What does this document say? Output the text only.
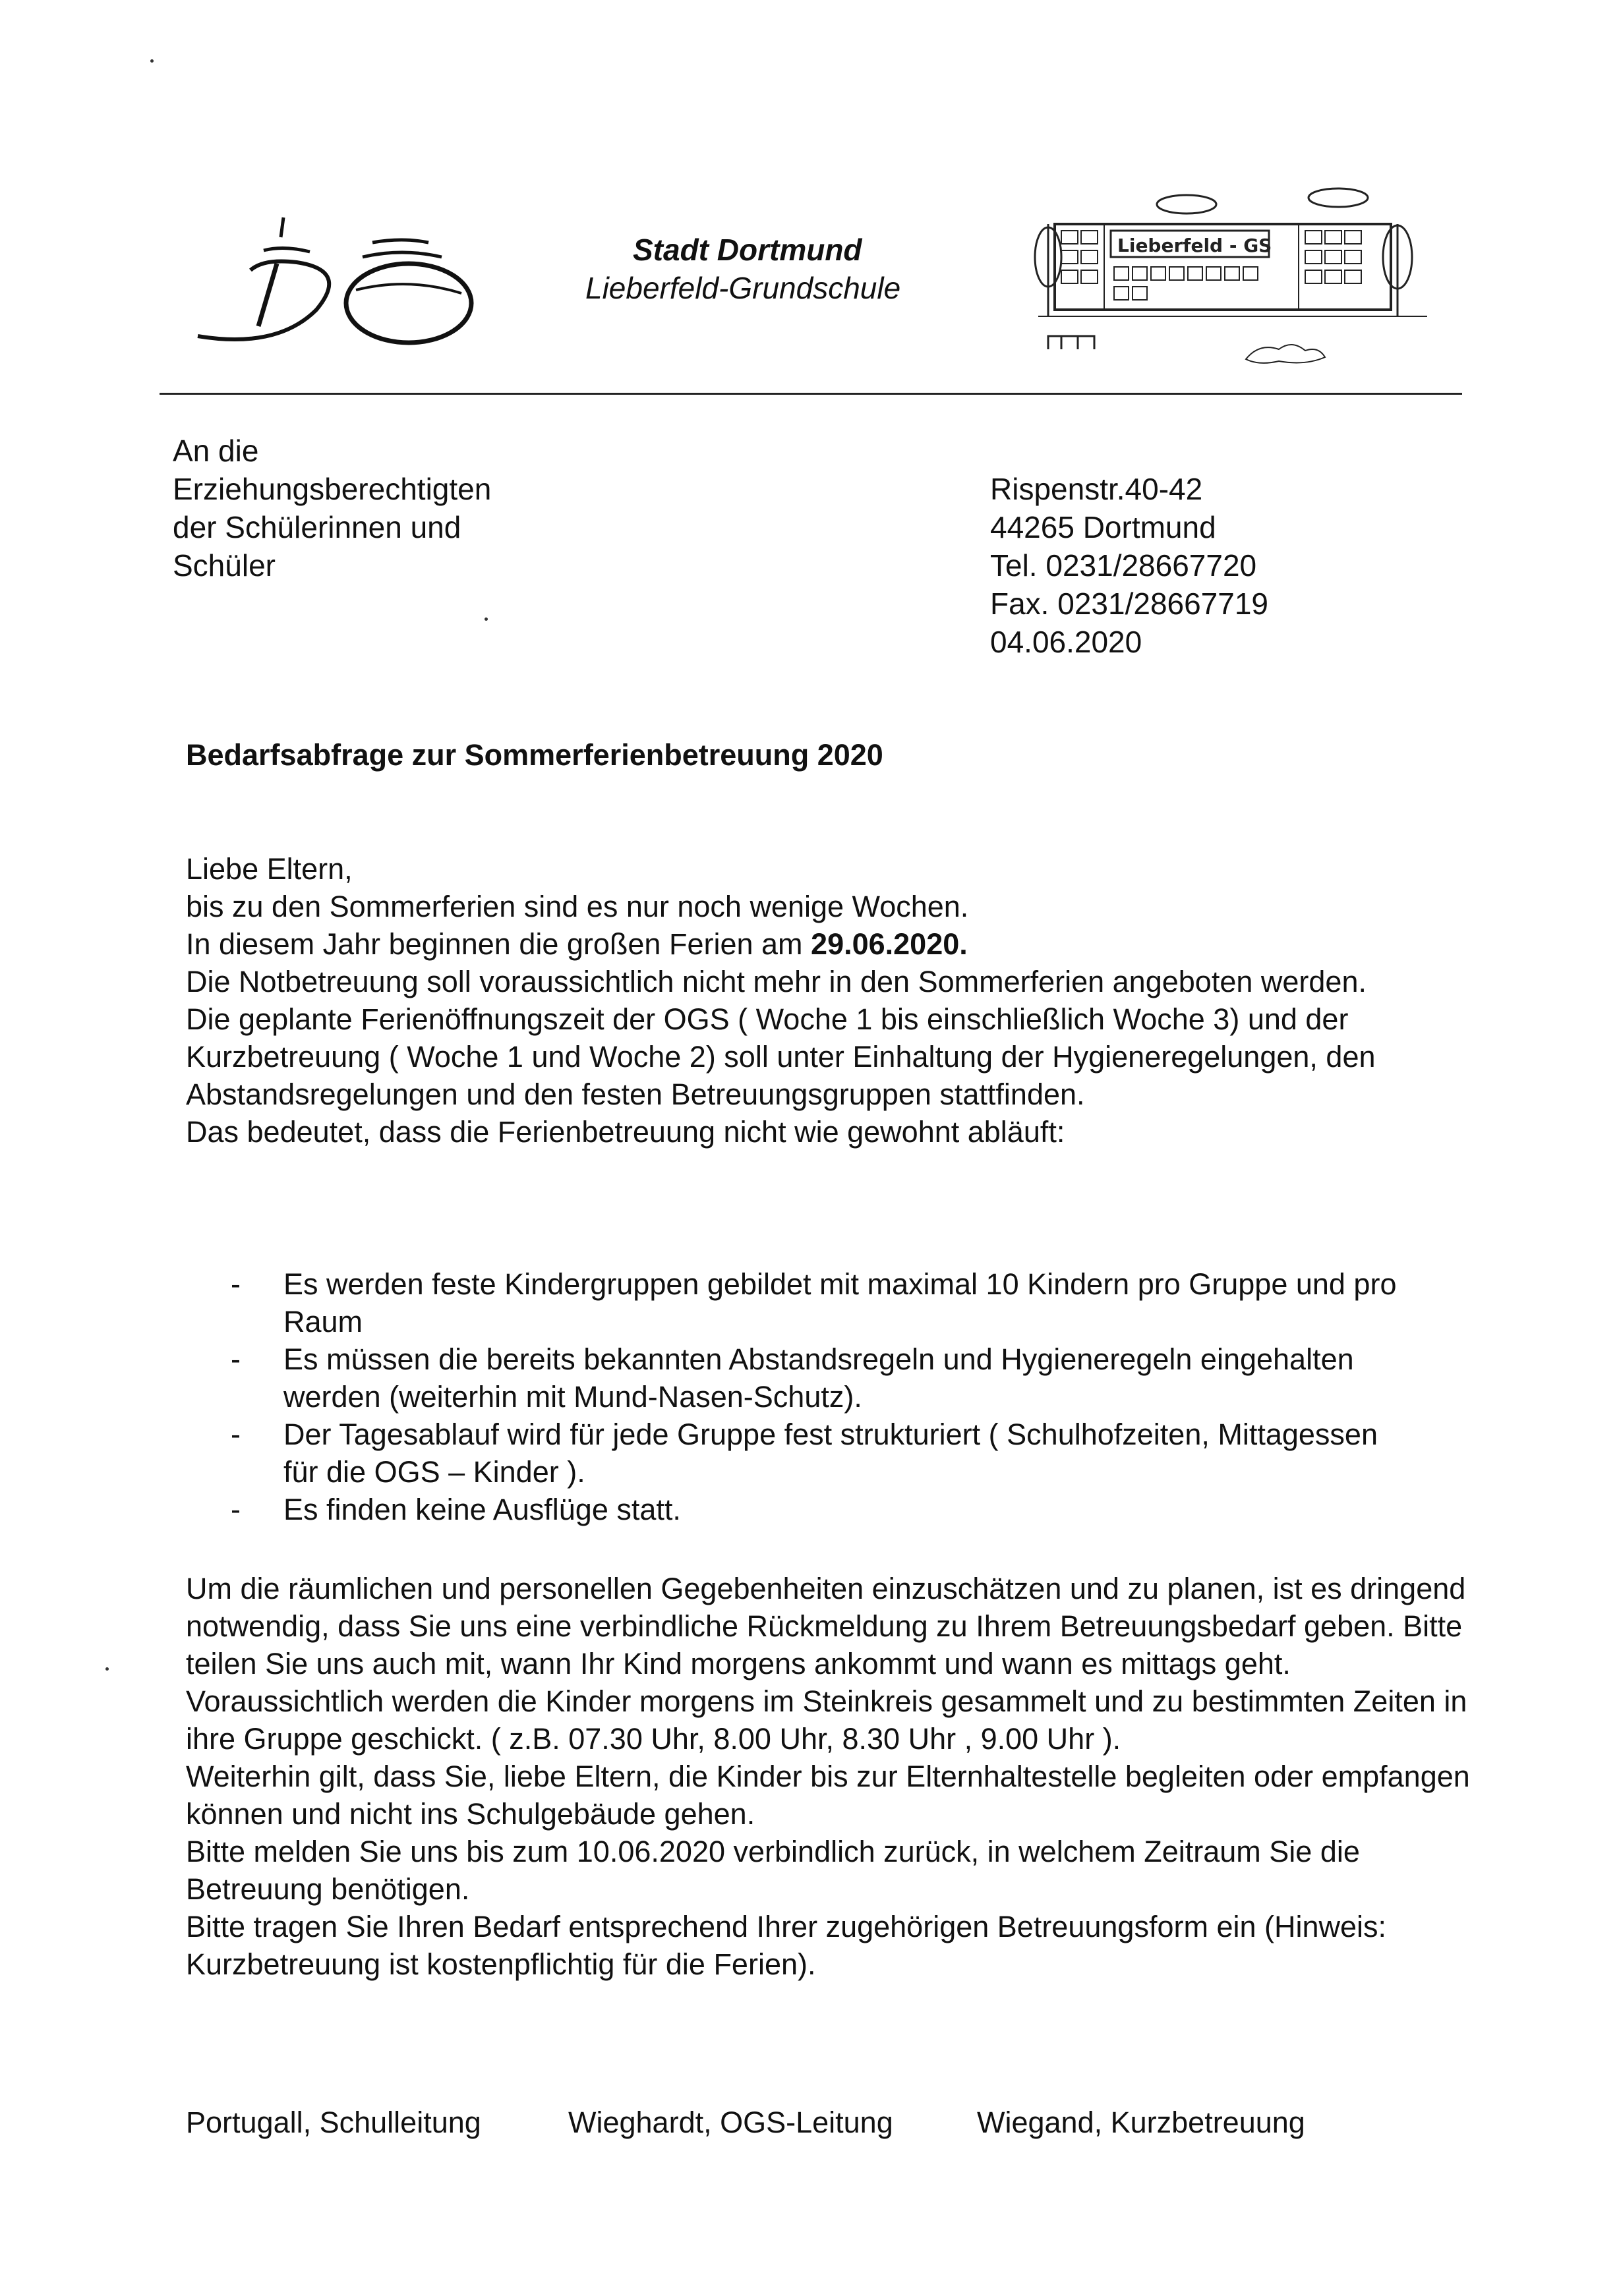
Stadt Dortmund
Lieberfeld-Grundschule
Lieberfeld - GS
An die
Erziehungsberechtigten
der Schülerinnen und
Schüler
Rispenstr.40-42
44265 Dortmund
Tel. 0231/28667720
Fax. 0231/28667719
04.06.2020
Bedarfsabfrage zur Sommerferienbetreuung 2020

Liebe Eltern,

bis zu den Sommerferien sind es nur noch wenige Wochen.

In diesem Jahr beginnen die großen Ferien am 29.06.2020.

Die Notbetreuung soll voraussichtlich nicht mehr in den Sommerferien angeboten werden.

Die geplante Ferienöffnungszeit der OGS ( Woche 1 bis einschließlich Woche 3) und der Kurzbetreuung ( Woche 1 und Woche 2) soll unter Einhaltung der Hygieneregelungen, den Abstandsregelungen und den festen Betreuungsgruppen stattfinden.

Das bedeutet, dass die Ferienbetreuung nicht wie gewohnt abläuft:

-	Es werden feste Kindergruppen gebildet mit maximal 10 Kindern pro Gruppe und pro Raum
-	Es müssen die bereits bekannten Abstandsregeln und Hygieneregeln eingehalten werden (weiterhin mit Mund-Nasen-Schutz).
-	Der Tagesablauf wird für jede Gruppe fest strukturiert ( Schulhofzeiten, Mittagessen für die OGS – Kinder ).
-	Es finden keine Ausflüge statt.

Um die räumlichen und personellen Gegebenheiten einzuschätzen und zu planen, ist es dringend notwendig, dass Sie uns eine verbindliche Rückmeldung zu Ihrem Betreuungsbedarf geben. Bitte teilen Sie uns auch mit, wann Ihr Kind morgens ankommt und wann es mittags geht. Voraussichtlich werden die Kinder morgens im Steinkreis gesammelt und zu bestimmten Zeiten in ihre Gruppe geschickt. ( z.B. 07.30 Uhr, 8.00 Uhr, 8.30 Uhr , 9.00 Uhr ).

Weiterhin gilt, dass Sie, liebe Eltern, die Kinder bis zur Elternhaltestelle begleiten oder empfangen können und nicht ins Schulgebäude gehen.

Bitte melden Sie uns bis zum 10.06.2020 verbindlich zurück, in welchem Zeitraum Sie die Betreuung benötigen.

Bitte tragen Sie Ihren Bedarf entsprechend Ihrer zugehörigen Betreuungsform ein (Hinweis: Kurzbetreuung ist kostenpflichtig für die Ferien).

Portugall, Schulleitung	Wieghardt, OGS-Leitung	Wiegand, Kurzbetreuung
